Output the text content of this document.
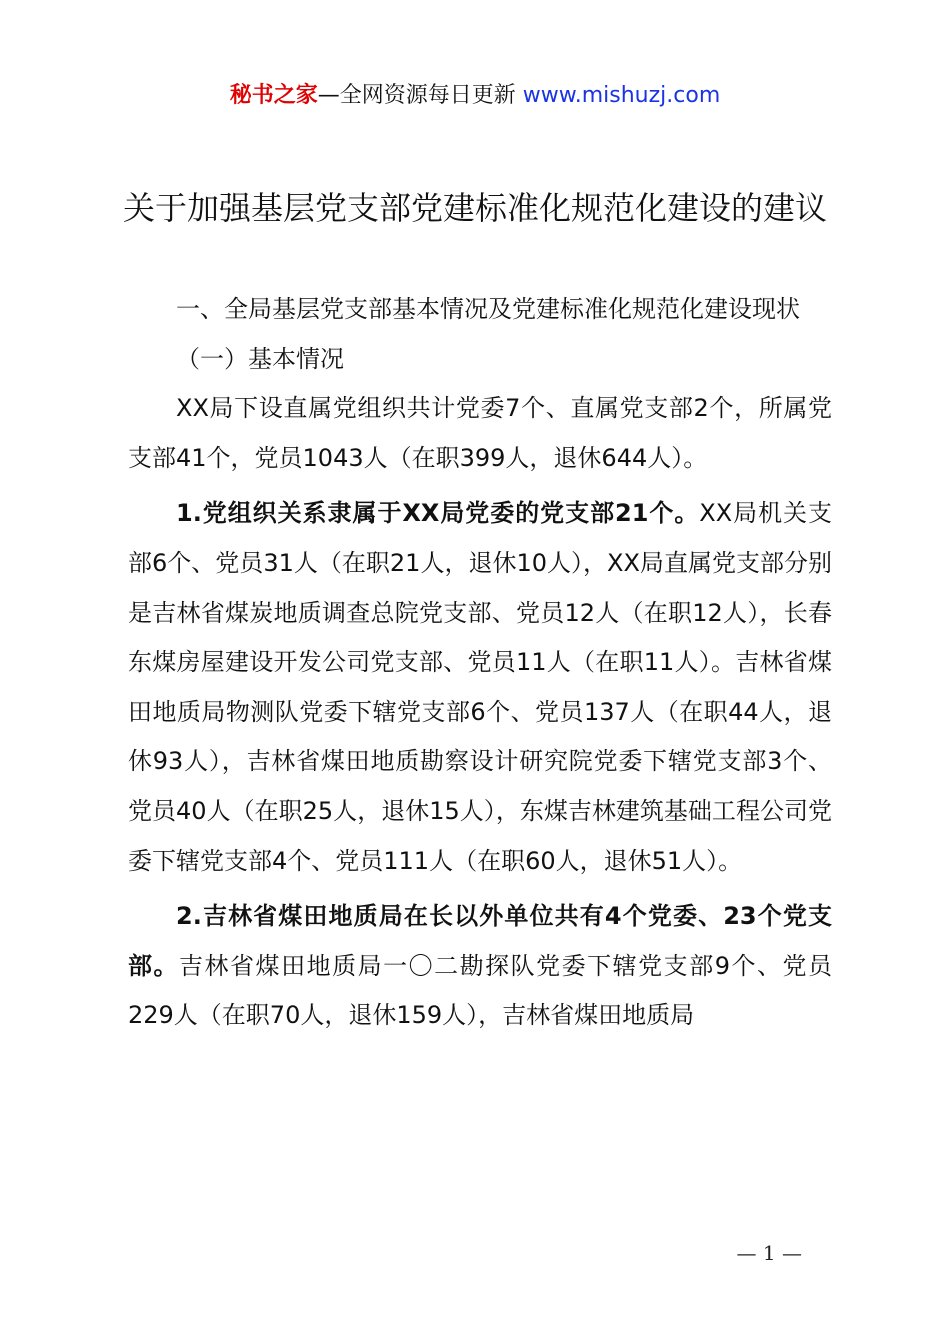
秘书之家—全网资源每日更新 www.mishuzj.com
关于加强基层党支部党建标准化规范化建设的建议

一、全局基层党支部基本情况及党建标准化规范化建设现状

（一）基本情况

XX局下设直属党组织共计党委7个、直属党支部2个，所属党支部41个，党员1043人（在职399人，退休644人）。

1.党组织关系隶属于XX局党委的党支部21个。XX局机关支部6个、党员31人（在职21人，退休10人），XX局直属党支部分别是吉林省煤炭地质调查总院党支部、党员12人（在职12人），长春东煤房屋建设开发公司党支部、党员11人（在职11人）。吉林省煤田地质局物测队党委下辖党支部6个、党员137人（在职44人，退休93人），吉林省煤田地质勘察设计研究院党委下辖党支部3个、党员40人（在职25人，退休15人），东煤吉林建筑基础工程公司党委下辖党支部4个、党员111人（在职60人，退休51人）。

2.吉林省煤田地质局在长以外单位共有4个党委、23个党支部。吉林省煤田地质局一〇二勘探队党委下辖党支部9个、党员229人（在职70人，退休159人），吉林省煤田地质局

— 1 —
